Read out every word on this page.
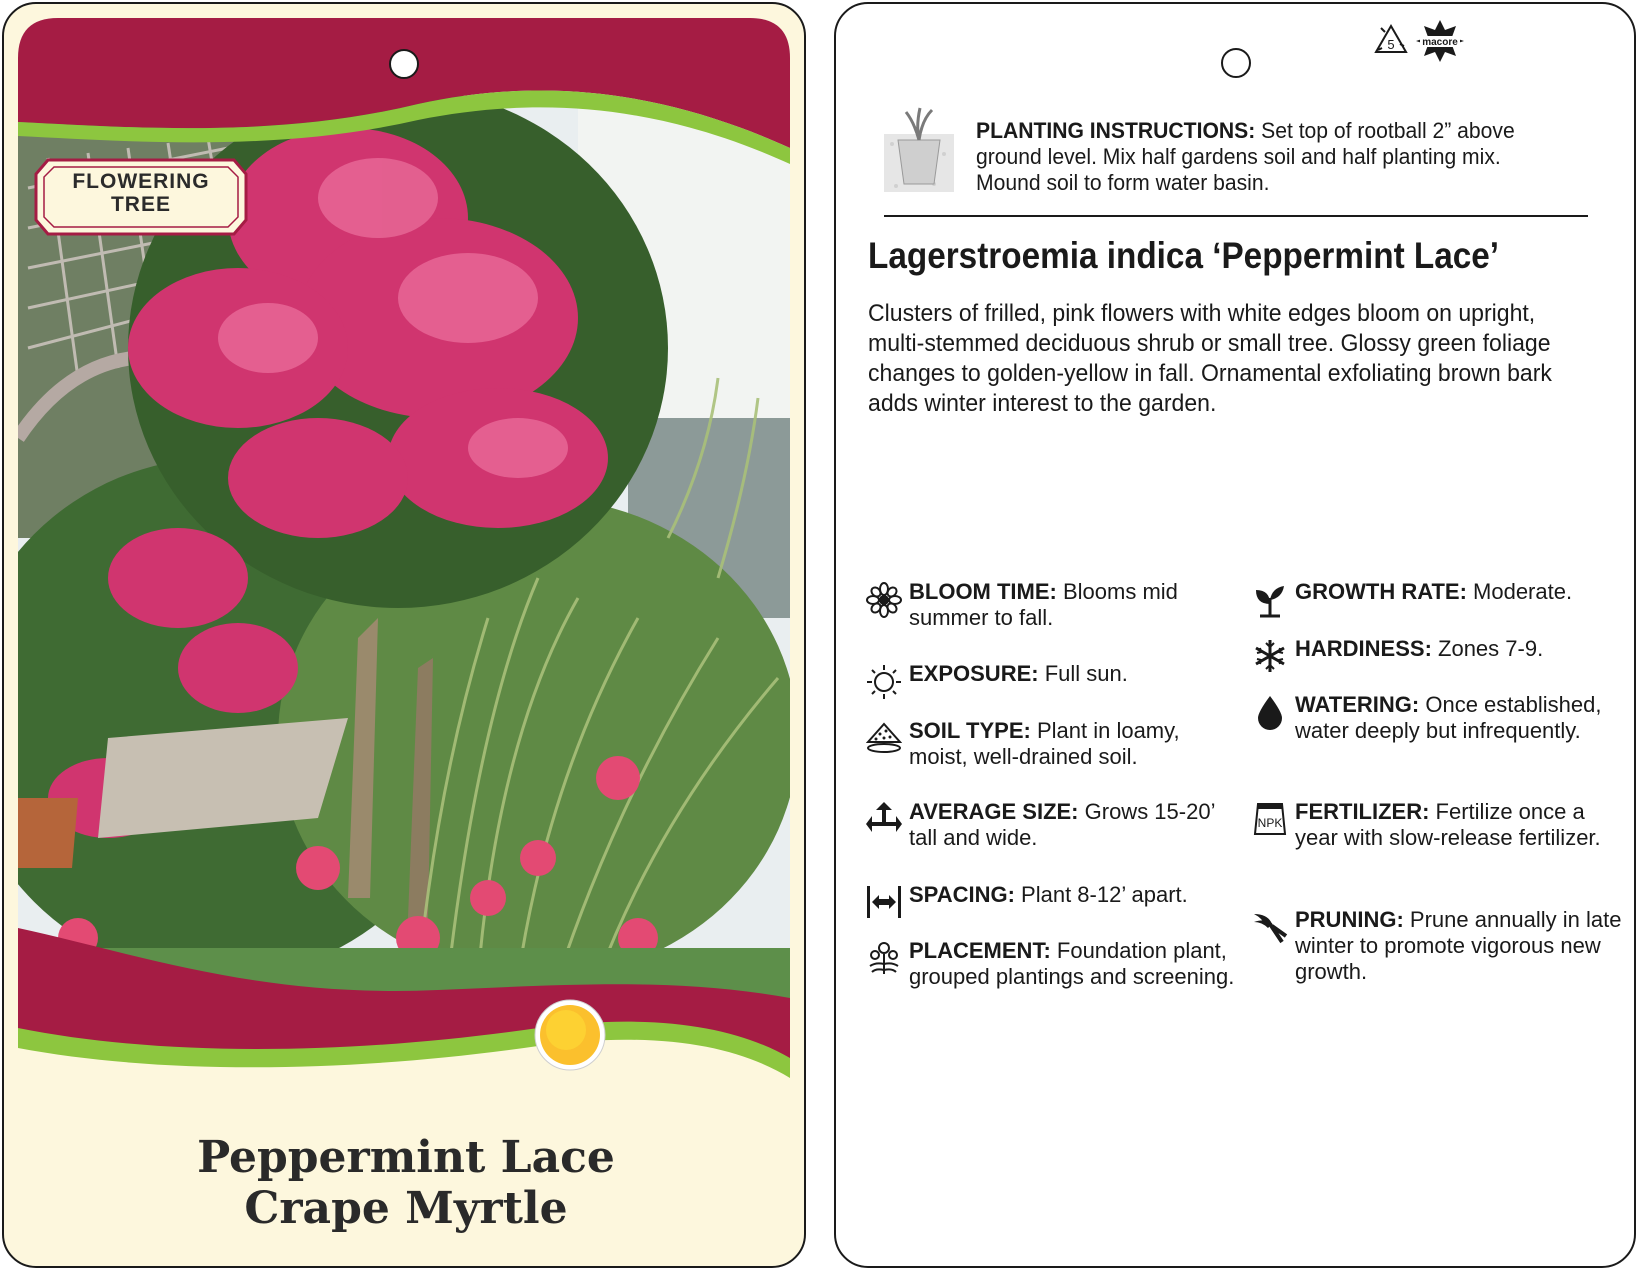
FLOWERING
TREE
Peppermint Lace
Crape Myrtle
5	macore
PLANTING INSTRUCTIONS: Set top of rootball 2” above ground level. Mix half gardens soil and half planting mix. Mound soil to form water basin.
Lagerstroemia indica ‘Peppermint Lace’
Clusters of frilled, pink flowers with white edges bloom on upright, multi-stemmed deciduous shrub or small tree. Glossy green foliage changes to golden-yellow in fall. Ornamental exfoliating brown bark adds winter interest to the garden.
BLOOM TIME: Blooms mid summer to fall.
EXPOSURE: Full sun.
SOIL TYPE: Plant in loamy, moist, well-drained soil.
AVERAGE SIZE: Grows 15-20’ tall and wide.
SPACING: Plant 8-12’ apart.
PLACEMENT: Foundation plant, grouped plantings and screening.
GROWTH RATE: Moderate.
HARDINESS: Zones 7-9.
WATERING: Once established, water deeply but infrequently.
NPK FERTILIZER: Fertilize once a year with slow-release fertilizer.
PRUNING: Prune annually in late winter to promote vigorous new growth.
